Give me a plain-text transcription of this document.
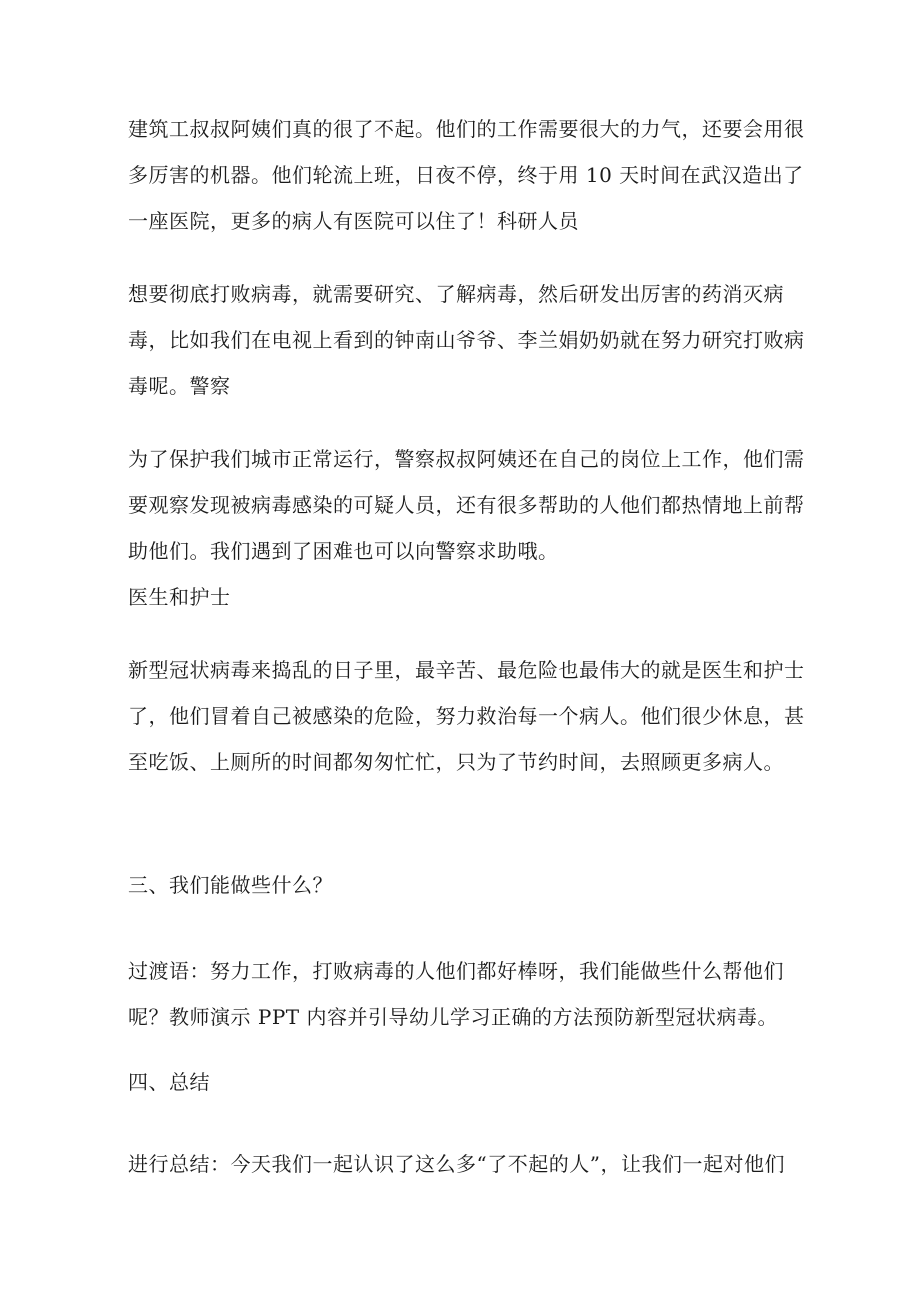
建筑工叔叔阿姨们真的很了不起。他们的工作需要很大的力气，还要会用很
多厉害的机器。他们轮流上班，日夜不停，终于用 10 天时间在武汉造出了
一座医院，更多的病人有医院可以住了！科研人员

想要彻底打败病毒，就需要研究、了解病毒，然后研发出厉害的药消灭病
毒，比如我们在电视上看到的钟南山爷爷、李兰娟奶奶就在努力研究打败病
毒呢。警察

为了保护我们城市正常运行，警察叔叔阿姨还在自己的岗位上工作，他们需
要观察发现被病毒感染的可疑人员，还有很多帮助的人他们都热情地上前帮
助他们。我们遇到了困难也可以向警察求助哦。
医生和护士

新型冠状病毒来捣乱的日子里，最辛苦、最危险也最伟大的就是医生和护士
了，他们冒着自己被感染的危险，努力救治每一个病人。他们很少休息，甚
至吃饭、上厕所的时间都匆匆忙忙，只为了节约时间，去照顾更多病人。

三、我们能做些什么？

过渡语：努力工作，打败病毒的人他们都好棒呀，我们能做些什么帮他们
呢？教师演示 PPT 内容并引导幼儿学习正确的方法预防新型冠状病毒。

四、总结

进行总结：今天我们一起认识了这么多“了不起的人”，让我们一起对他们
